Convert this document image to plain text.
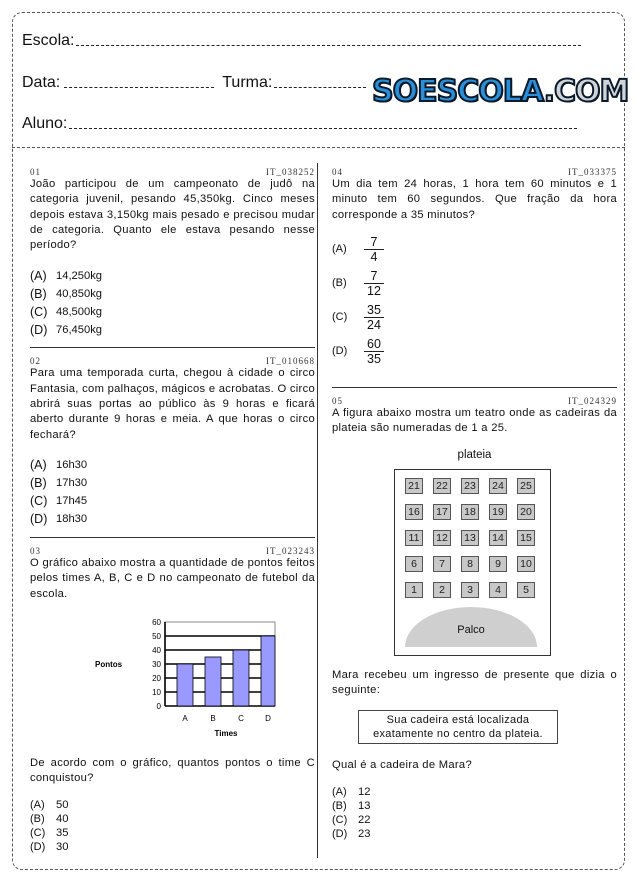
Escola:
Data:	Turma:
Aluno:
SOESCOLA.COM
01	IT_038252
João participou de um campeonato de judô na categoria juvenil, pesando 45,350kg. Cinco meses depois estava 3,150kg mais pesado e precisou mudar de categoria. Quanto ele estava pesando nesse período?
(A) 14,250kg
(B) 40,850kg
(C) 48,500kg
(D) 76,450kg
02	IT_010668
Para uma temporada curta, chegou à cidade o circo Fantasia, com palhaços, mágicos e acrobatas. O circo abrirá suas portas ao público às 9 horas e ficará aberto durante 9 horas e meia. A que horas o circo fechará?
(A) 16h30
(B) 17h30
(C) 17h45
(D) 18h30
03	IT_023243
O gráfico abaixo mostra a quantidade de pontos feitos pelos times A, B, C e D no campeonato de futebol da escola.
60
50
40
30
20
10
0
Pontos
A	B	C	D
Times
De acordo com o gráfico, quantos pontos o time C conquistou?
(A)	50
(B)	40
(C) 35
(D) 30
04	IT_033375
Um dia tem 24 horas, 1 hora tem 60 minutos e 1 minuto tem 60 segundos. Que fração da hora corresponde a 35 minutos?
(A)	$\frac{7}{4}$
(B)	$\frac{7}{12}$
(C)	$\frac{35}{24}$
(D)	$\frac{60}{35}$
05	IT_024329
A figura abaixo mostra um teatro onde as cadeiras da plateia são numeradas de 1 a 25.
plateia
Palco
21	22	23	24	25
16	17	18	19	20
11	12	13	14	15
6	7	8	9	10
1	2	3	4	5
Mara recebeu um ingresso de presente que dizia o seguinte:
Sua cadeira está localizada
exatamente no centro da plateia.
Qual é a cadeira de Mara?
(A)	12
(B)	13
(C) 22
(D) 23
